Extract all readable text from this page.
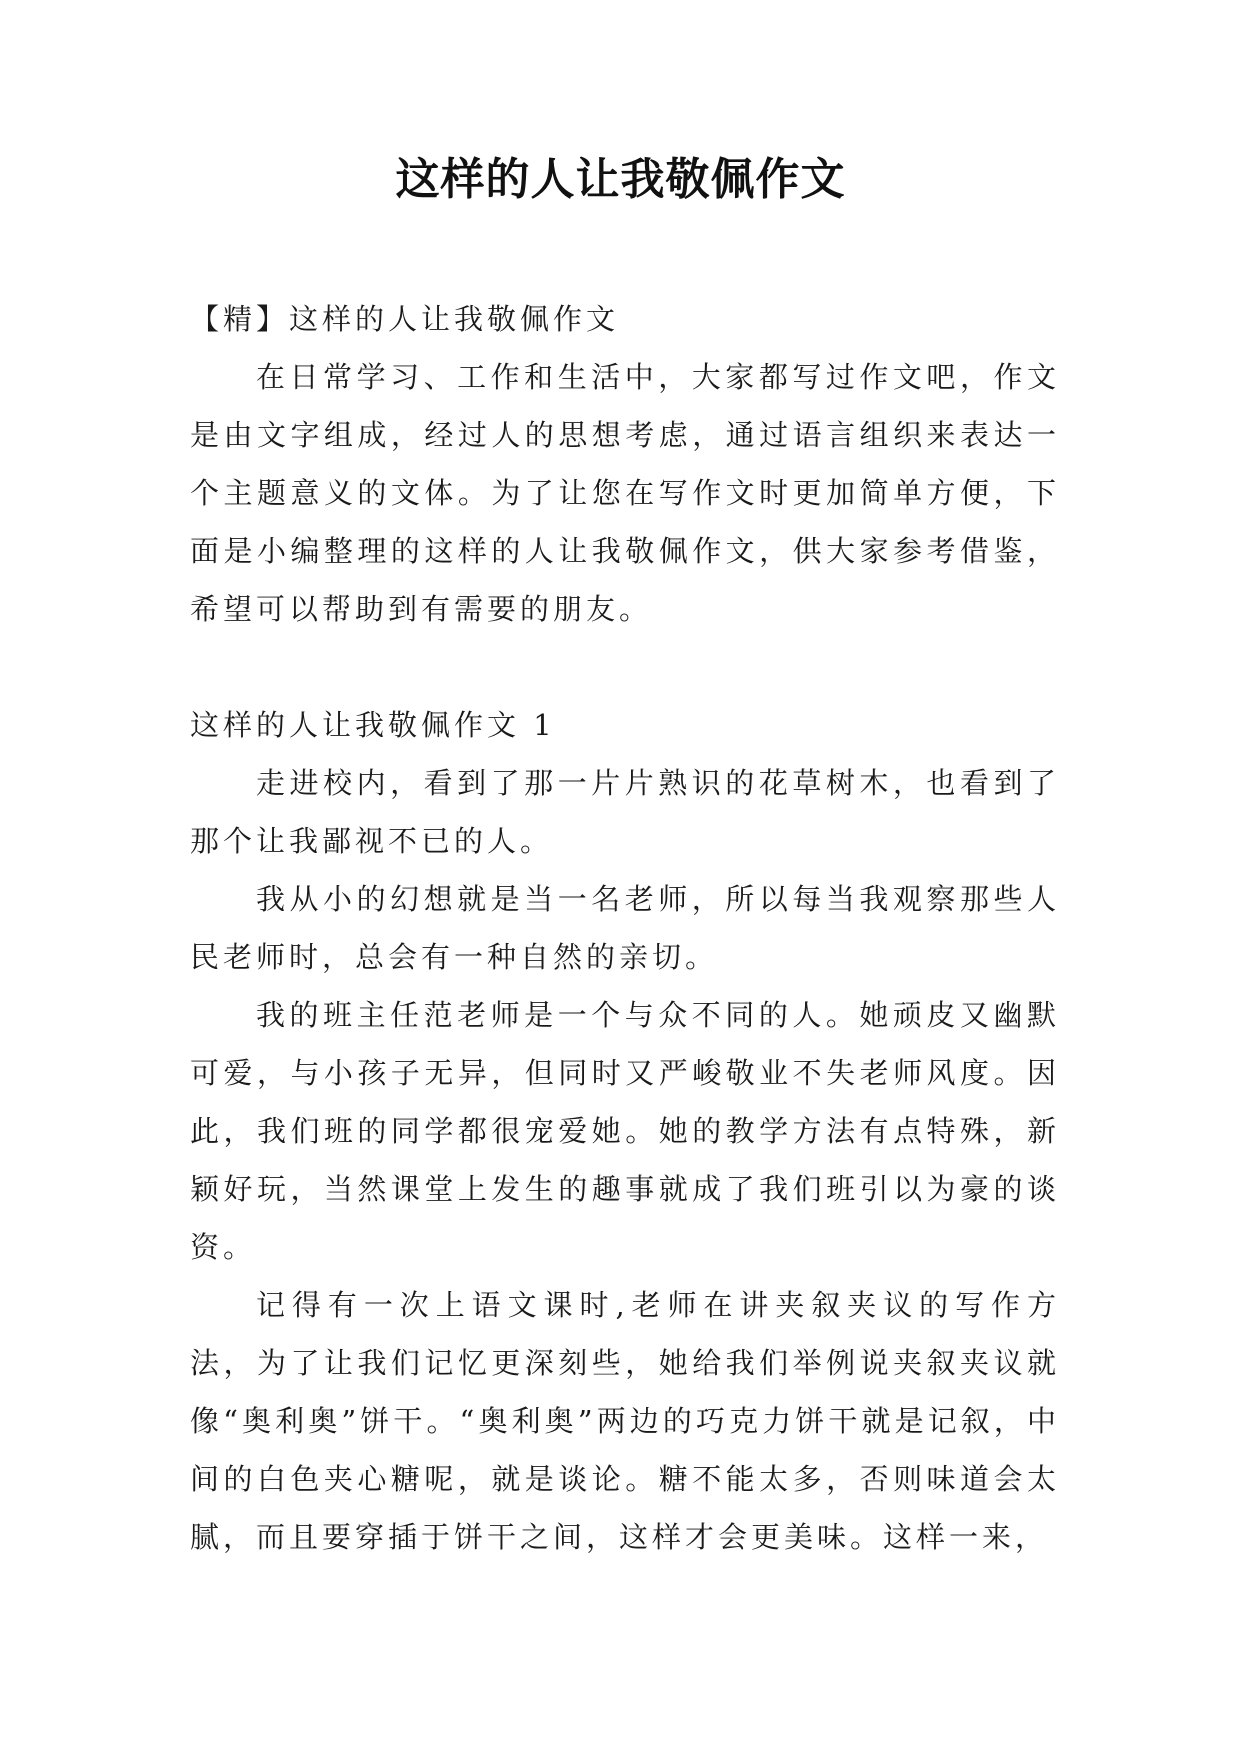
这样的人让我敬佩作文

【精】这样的人让我敬佩作文

在日常学习、工作和生活中，大家都写过作文吧，作文是由文字组成，经过人的思想考虑，通过语言组织来表达一个主题意义的文体。为了让您在写作文时更加简单方便，下面是小编整理的这样的人让我敬佩作文，供大家参考借鉴，希望可以帮助到有需要的朋友。

这样的人让我敬佩作文 1

走进校内，看到了那一片片熟识的花草树木，也看到了那个让我鄙视不已的人。

我从小的幻想就是当一名老师，所以每当我观察那些人民老师时，总会有一种自然的亲切。

我的班主任范老师是一个与众不同的人。她顽皮又幽默可爱，与小孩子无异，但同时又严峻敬业不失老师风度。因此，我们班的同学都很宠爱她。她的教学方法有点特殊，新颖好玩，当然课堂上发生的趣事就成了我们班引以为豪的谈资。

记得有一次上语文课时,老师在讲夹叙夹议的写作方法，为了让我们记忆更深刻些，她给我们举例说夹叙夹议就像“奥利奥”饼干。“奥利奥”两边的巧克力饼干就是记叙，中间的白色夹心糖呢，就是谈论。糖不能太多，否则味道会太腻，而且要穿插于饼干之间，这样才会更美味。这样一来，
